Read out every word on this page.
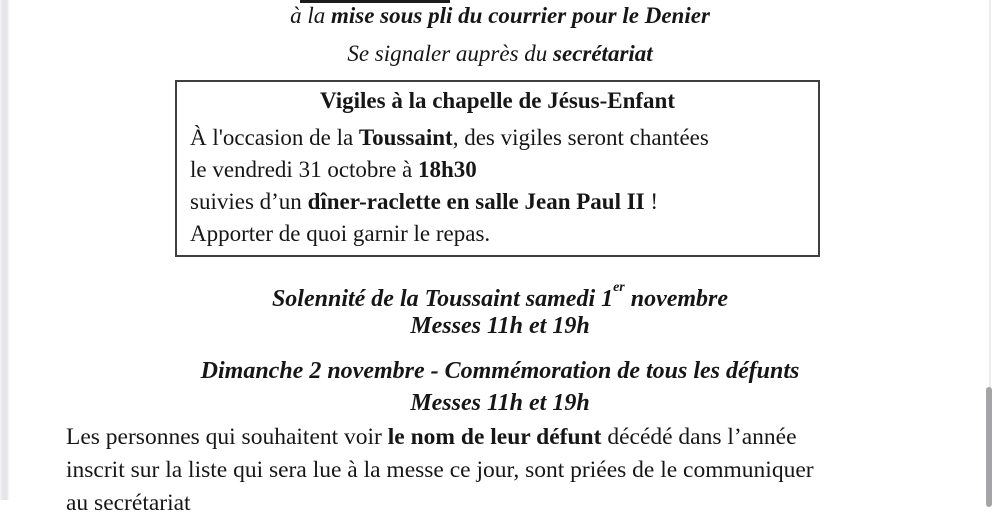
à la mise sous pli du courrier pour le Denier
Se signaler auprès du secrétariat
Vigiles à la chapelle de Jésus-Enfant
À l'occasion de la Toussaint, des vigiles seront chantées
le vendredi 31 octobre à 18h30
suivies d’un dîner-raclette en salle Jean Paul II !
Apporter de quoi garnir le repas.
Solennité de la Toussaint samedi 1er novembre
Messes 11h et 19h
Dimanche 2 novembre - Commémoration de tous les défunts
Messes 11h et 19h
Les personnes qui souhaitent voir le nom de leur défunt décédé dans l’année
inscrit sur la liste qui sera lue à la messe ce jour, sont priées de le communiquer
au secrétariat
